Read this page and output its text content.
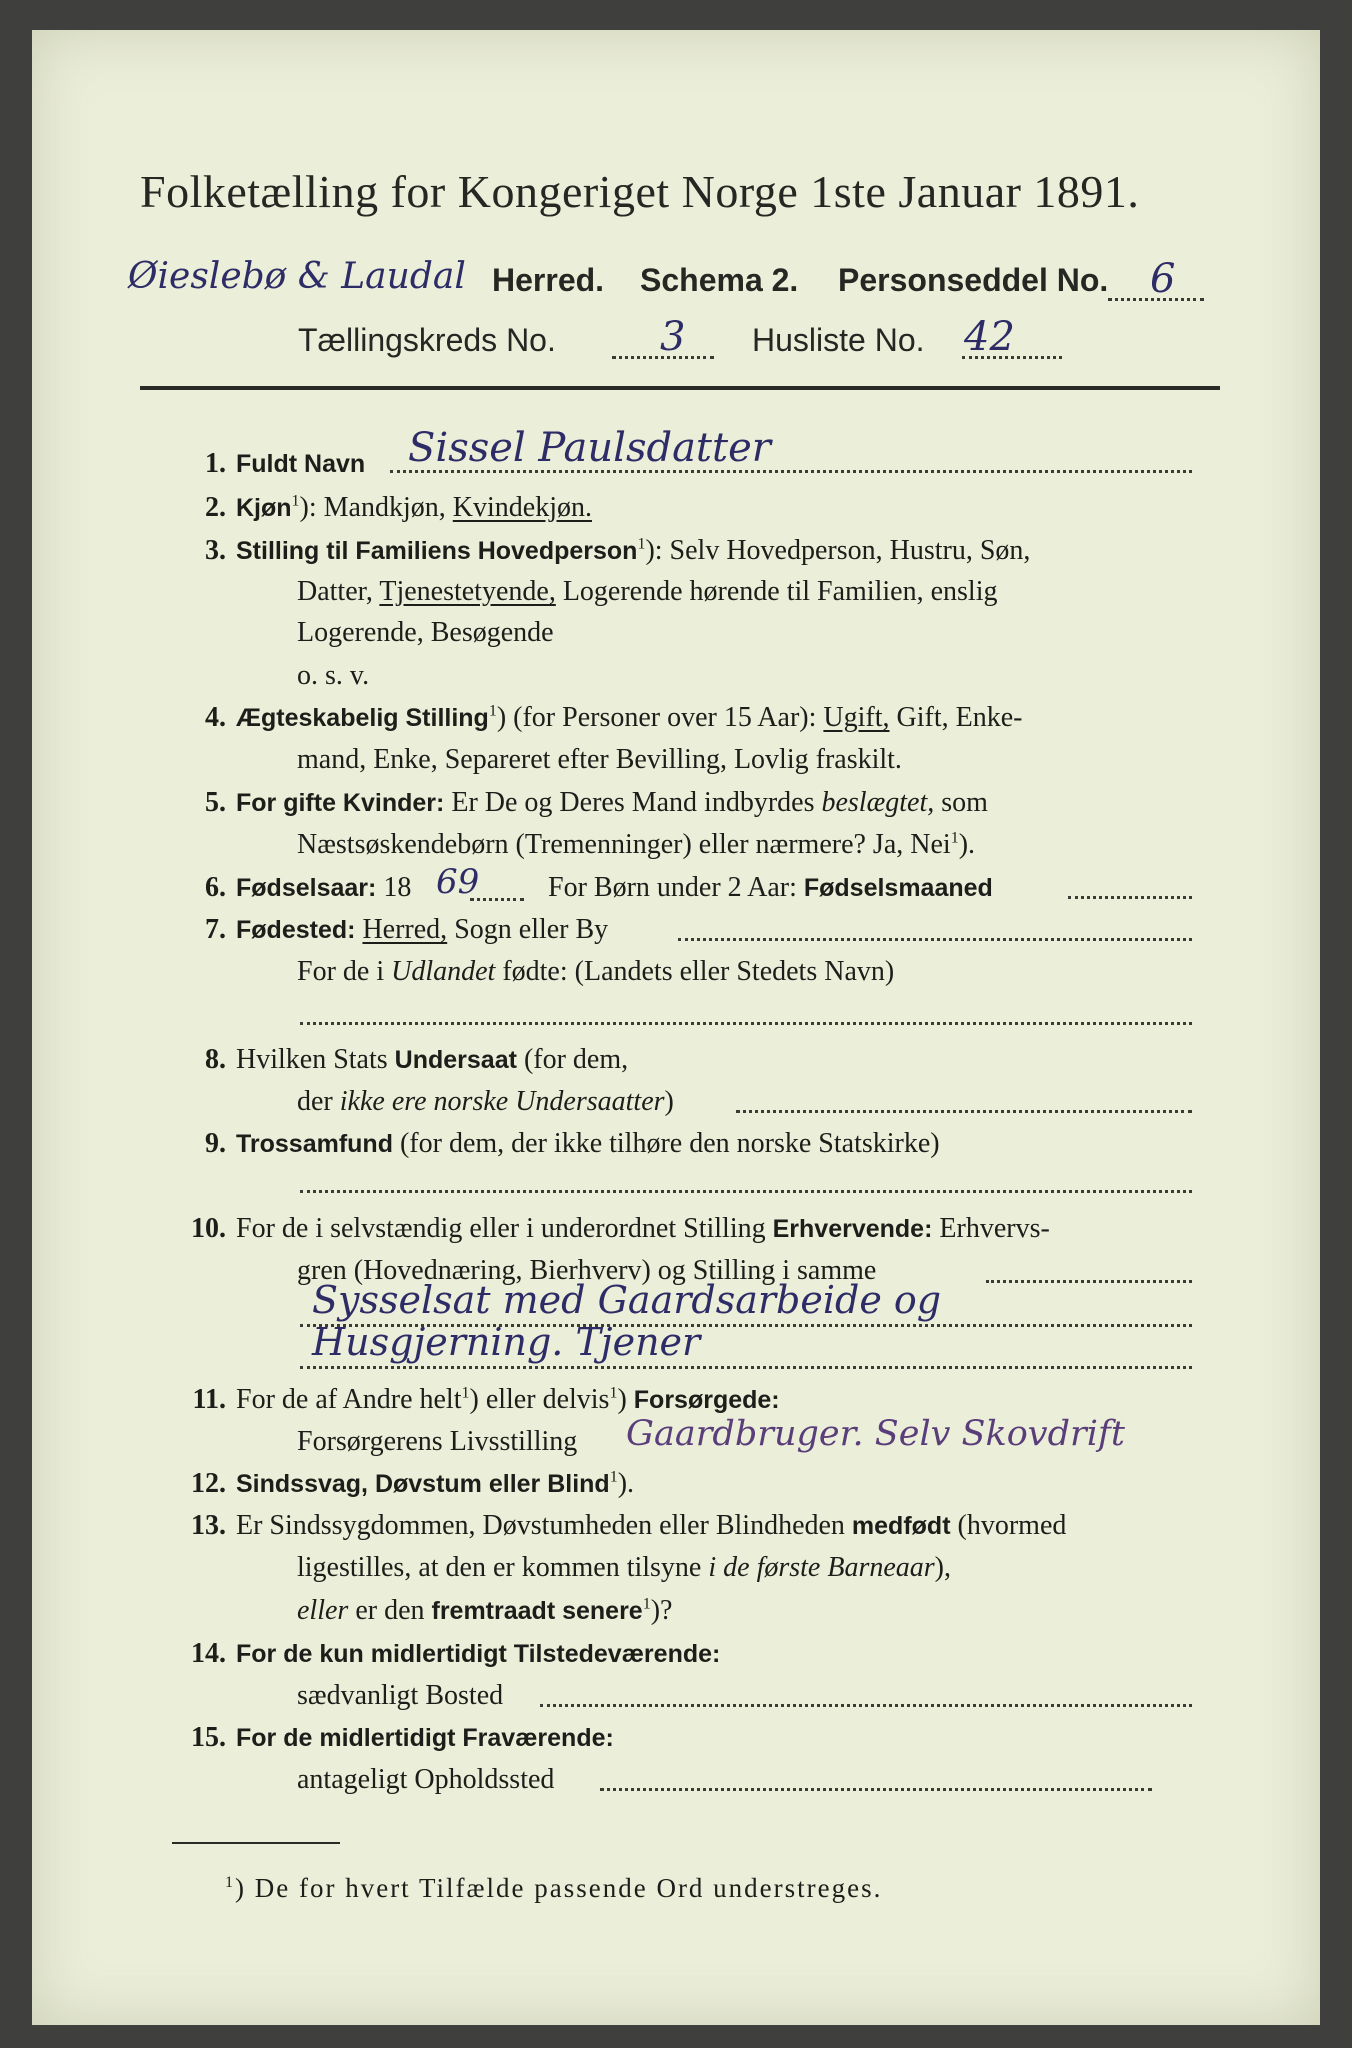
Folketælling for Kongeriget Norge 1ste Januar 1891.
Øieslebø & Laudal Herred. Schema 2. Personseddel No. 6
Tællingskreds No.	3 Husliste No. 42
1. Fuldt Navn Sissel Paulsdatter
2. Kjøn$^1$): Mandkjøn, Kvindekjøn.
3. Stilling til Familiens Hovedperson$^1$): Selv Hovedperson, Hustru, Søn,
Datter, Tjenestetyende, Logerende hørende til Familien, enslig
Logerende, Besøgende
o. s. v.
4. Ægteskabelig Stilling$^1$) (for Personer over 15 Aar): Ugift, Gift, Enke-
mand, Enke, Separeret efter Bevilling, Lovlig fraskilt.
5. For gifte Kvinder: Er De og Deres Mand indbyrdes beslægtet, som
Næstsøskendebørn (Tremenninger) eller nærmere? Ja, Nei$^1$).
6. Fødselsaar: 18 69 For Børn under 2 Aar: Fødselsmaaned
7. Fødested: Herred, Sogn eller By
For de i Udlandet fødte: (Landets eller Stedets Navn)
8. Hvilken Stats Undersaat (for dem,
der ikke ere norske Undersaatter)
9. Trossamfund (for dem, der ikke tilhøre den norske Statskirke)
10. For de i selvstændig eller i underordnet Stilling Erhvervende: Erhvervs-
gren (Hovednæring, Bierhverv) og Stilling i samme
Sysselsat med Gaardsarbeide og
Husgjerning. Tjener
11. For de af Andre helt$^1$) eller delvis$^1$) Forsørgede:
Forsørgerens Livsstilling Gaardbruger. Selv Skovdrift
12. Sindssvag, Døvstum eller Blind$^1$).
13. Er Sindssygdommen, Døvstumheden eller Blindheden medfødt (hvormed
ligestilles, at den er kommen tilsyne i de første Barneaar),
eller er den fremtraadt senere$^1$)?
14. For de kun midlertidigt Tilstedeværende:
sædvanligt Bosted
15. For de midlertidigt Fraværende:
antageligt Opholdssted
$^1$) De for hvert Tilfælde passende Ord understreges.
